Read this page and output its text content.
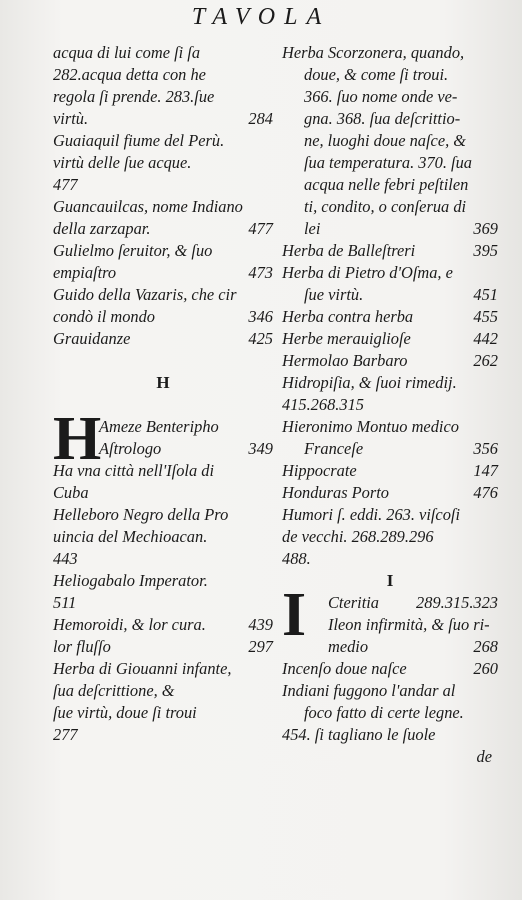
TAVOLA
acqua di lui come ſi ſa
282.acqua detta con he
regola ſi prende. 283.ſue
virtù.	284
Guaiaquil fiume del Perù.
virtù delle ſue acque.
477
Guancauilcas, nome Indiano
della zarzapar.	477
Gulielmo ſeruitor, & ſuo
empiaſtro	473
Guido della Vazaris, che cir
condò il mondo	346
Grauidanze	425
H
H
Ameze Benteripho
Aſtrologo	349
Ha vna città nell'Iſola di
Cuba
Helleboro Negro della Pro
uincia del Mechioacan.
443
Heliogabalo Imperator.
511
Hemoroidi, & lor cura.	439
lor fluſſo	297
Herba di Giouanni infante,
ſua deſcrittione, &
ſue virtù, doue ſi troui
277
Herba Scorzonera, quando,
doue, & come ſi troui.
366. ſuo nome onde ve-
gna. 368. ſua deſcrittio-
ne, luoghi doue naſce, &
ſua temperatura. 370. ſua
acqua nelle febri peſtilen
ti, condito, o conſerua di
lei	369
Herba de Balleſtreri	395
Herba di Pietro d'Oſma, e
ſue virtù.	451
Herba contra herba	455
Herbe merauiglioſe	442
Hermolao Barbaro	262
Hidropiſia, & ſuoi rimedij.
415.268.315
Hieronimo Montuo medico
Franceſe	356
Hippocrate	147
Honduras Porto	476
Humori ſ. eddi. 263. viſcoſi
de vecchi. 268.289.296
488.
I
I Cteritia 289.315.323
Ileon infirmità, & ſuo ri-
medio	268
Incenſo doue naſce	260
Indiani fuggono l'andar al
foco fatto di certe legne.
454. ſi tagliano le ſuole
de
